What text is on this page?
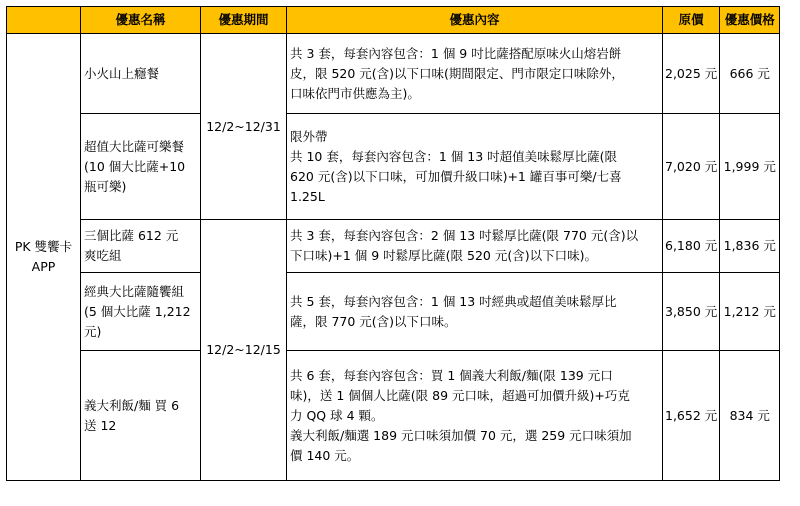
	優惠名稱	優惠期間	優惠內容	原價	優惠價格

PK 雙饗卡
APP	小火山上癮餐	12/2~12/31	共 3 套，每套內容包含：1 個 9 吋比薩搭配原味火山熔岩餅
皮，限 520 元(含)以下口味(期間限定、門市限定口味除外，
口味依門市供應為主)。	2,025 元	666 元

	超值大比薩可樂餐
(10 個大比薩+10
瓶可樂)		限外帶
共 10 套，每套內容包含：1 個 13 吋超值美味鬆厚比薩(限
620 元(含)以下口味，可加價升級口味)+1 罐百事可樂/七喜
1.25L	7,020 元	1,999 元

	三個比薩 612 元
爽吃組	12/2~12/15	共 3 套，每套內容包含：2 個 13 吋鬆厚比薩(限 770 元(含)以
下口味)+1 個 9 吋鬆厚比薩(限 520 元(含)以下口味)。	6,180 元	1,836 元

	經典大比薩隨饗組
(5 個大比薩 1,212
元)		共 5 套，每套內容包含：1 個 13 吋經典或超值美味鬆厚比
薩，限 770 元(含)以下口味。	3,850 元	1,212 元

	義大利飯/麵 買 6
送 12		共 6 套，每套內容包含：買 1 個義大利飯/麵(限 139 元口
味)，送 1 個個人比薩(限 89 元口味，超過可加價升級)+巧克
力 QQ 球 4 顆。
義大利飯/麵選 189 元口味須加價 70 元，選 259 元口味須加
價 140 元。	1,652 元	834 元
